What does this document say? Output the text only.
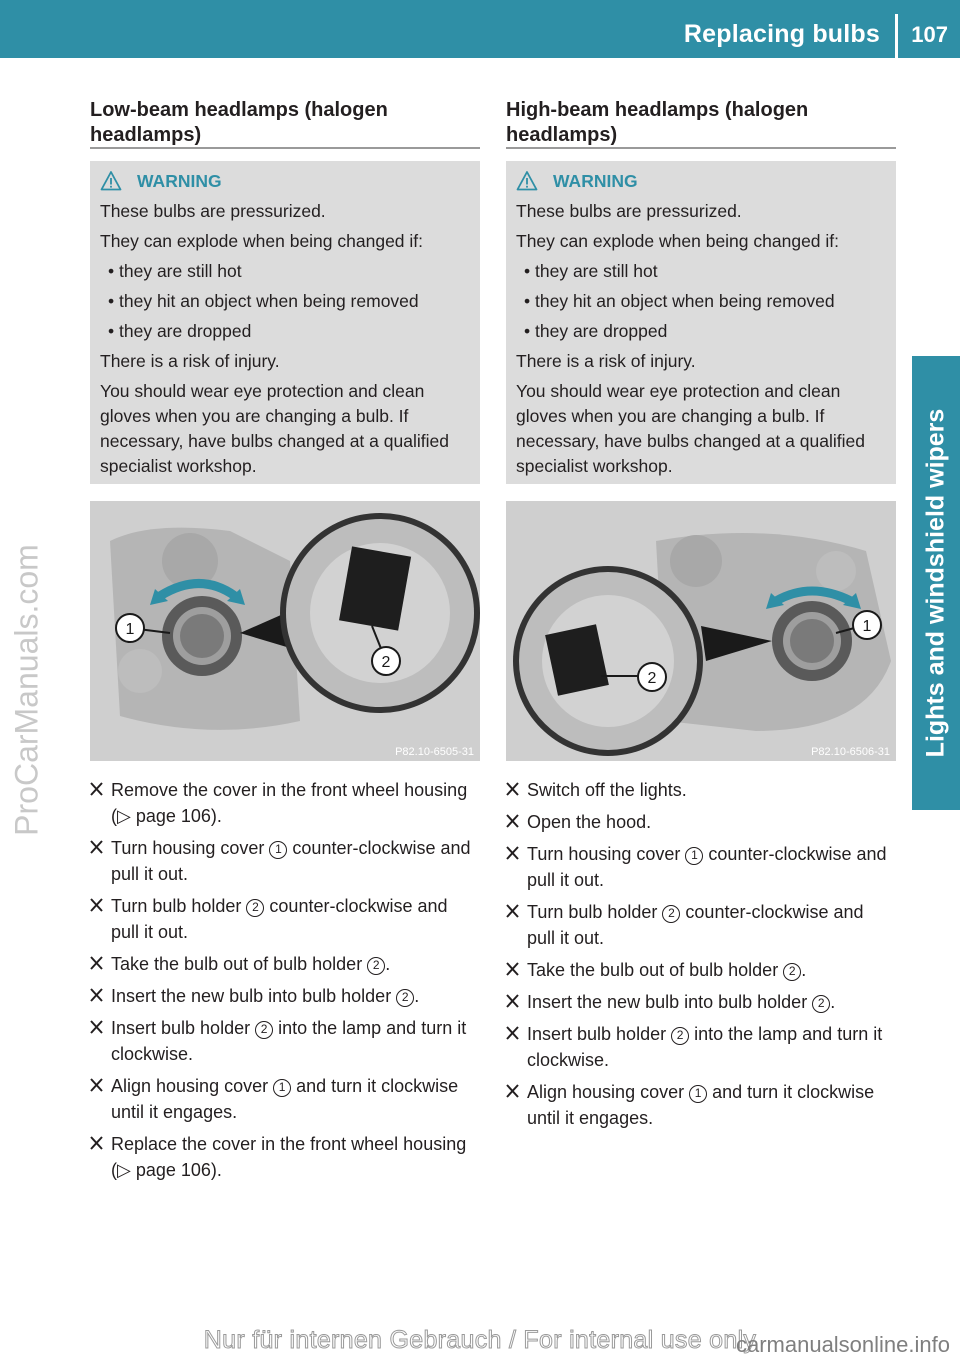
Replacing bulbs 107
Lights and windshield wipers
ProCarManuals.com
Low-beam headlamps (halogen headlamps)
WARNING
These bulbs are pressurized.
They can explode when being changed if:
• they are still hot
• they hit an object when being removed
• they are dropped
There is a risk of injury.
You should wear eye protection and clean gloves when you are changing a bulb. If necessary, have bulbs changed at a qualified specialist workshop.
1
2
P82.10-6505-31
Remove the cover in the front wheel housing (▷ page 106).
Turn housing cover 1 counter-clockwise and pull it out.
Turn bulb holder 2 counter-clockwise and pull it out.
Take the bulb out of bulb holder 2 .
Insert the new bulb into bulb holder 2 .
Insert bulb holder 2 into the lamp and turn it clockwise.
Align housing cover 1 and turn it clockwise until it engages.
Replace the cover in the front wheel housing (▷ page 106).
High-beam headlamps (halogen headlamps)
WARNING
These bulbs are pressurized.
They can explode when being changed if:
• they are still hot
• they hit an object when being removed
• they are dropped
There is a risk of injury.
You should wear eye protection and clean gloves when you are changing a bulb. If necessary, have bulbs changed at a qualified specialist workshop.
1
2
P82.10-6506-31
Switch off the lights.
Open the hood.
Turn housing cover 1 counter-clockwise and pull it out.
Turn bulb holder 2 counter-clockwise and pull it out.
Take the bulb out of bulb holder 2 .
Insert the new bulb into bulb holder 2 .
Insert bulb holder 2 into the lamp and turn it clockwise.
Align housing cover 1 and turn it clockwise until it engages.
Nur für internen Gebrauch / For internal use only
carmanualsonline.info
